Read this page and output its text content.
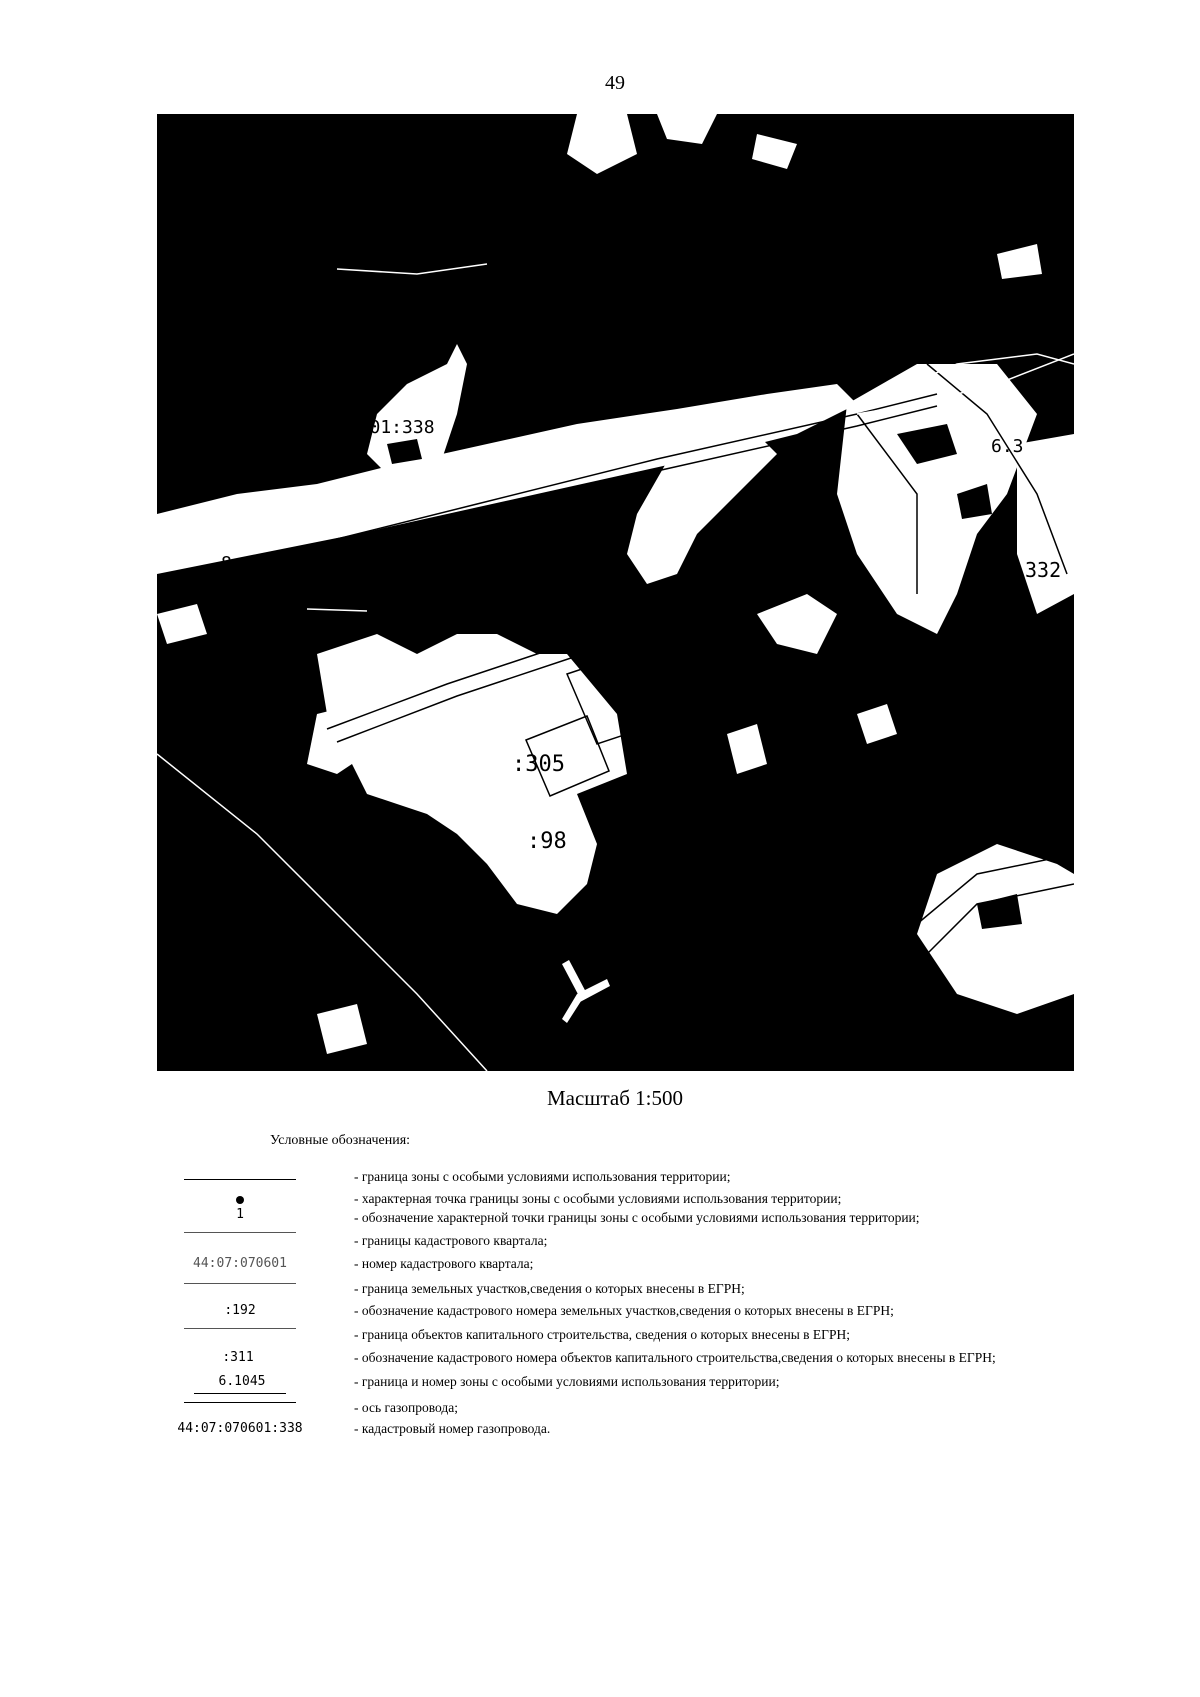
49
191
70601:338
:305
:98
1045
6.3
332
8
Масштаб 1:500
Условные обозначения:
- граница зоны с особыми условиями использования территории;
- характерная точка границы зоны с особыми условиями использования территории;
1	- обозначение характерной точки границы зоны с особыми условиями использования территории;
- границы кадастрового квартала;
44:07:070601	- номер кадастрового квартала;
- граница земельных участков,сведения о которых внесены в ЕГРН;
:192	- обозначение кадастрового номера земельных участков,сведения о которых внесены в ЕГРН;
- граница объектов капитального строительства, сведения о которых внесены в ЕГРН;
:311	- обозначение кадастрового номера объектов капитального строительства,сведения о которых внесены в ЕГРН;
6.1045	- граница и номер зоны с особыми условиями использования территории;
- ось газопровода;
44:07:070601:338	- кадастровый номер газопровода.
